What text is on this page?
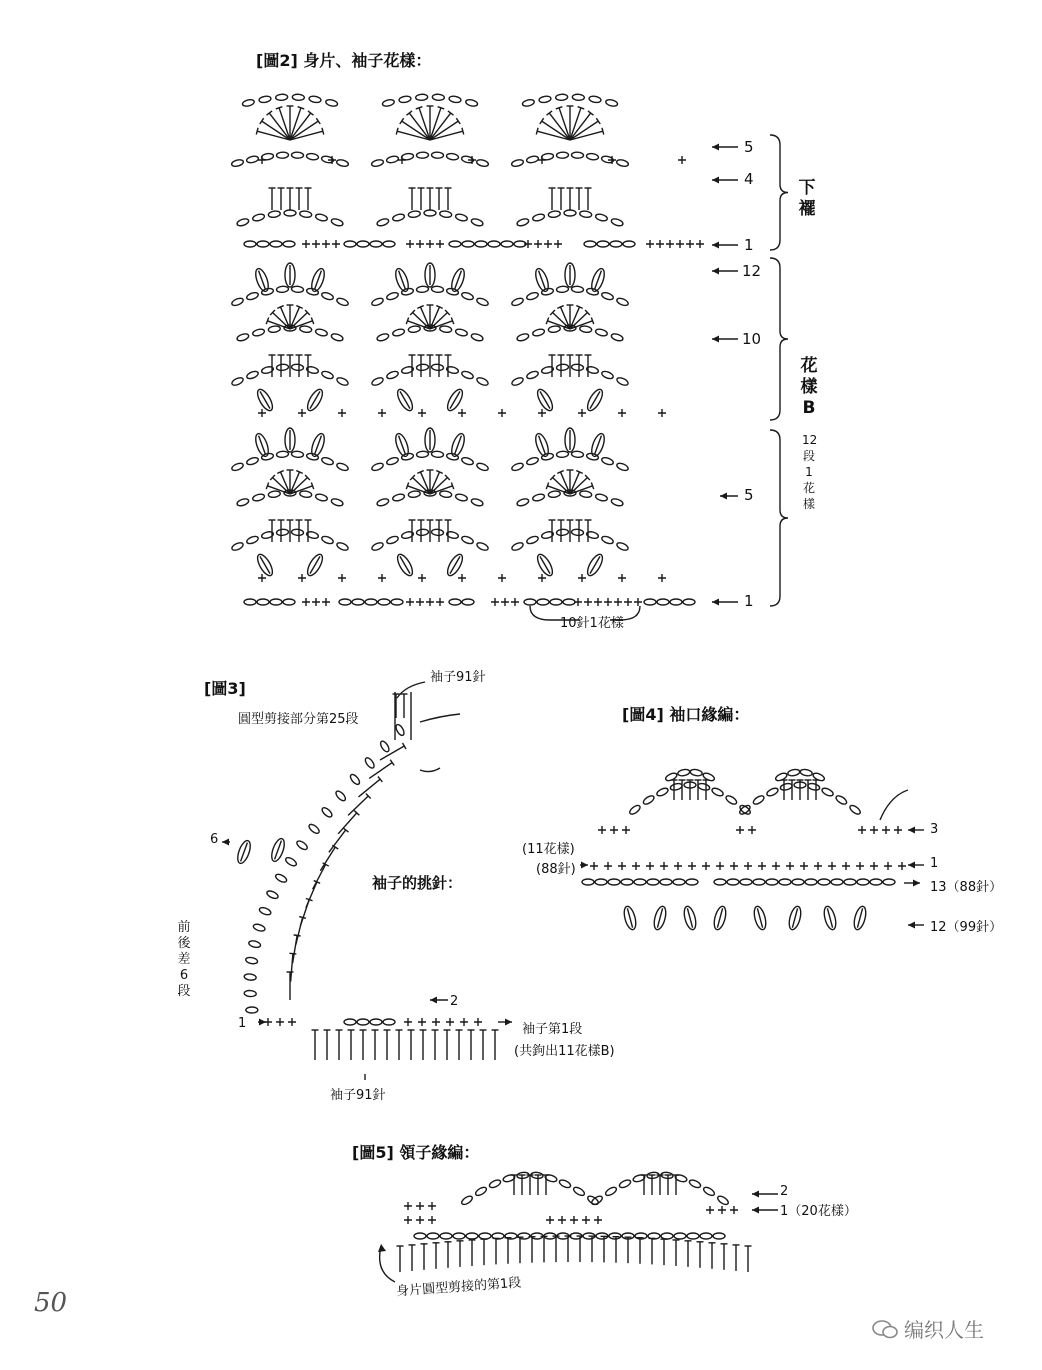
[圖2] 身片、袖子花樣：
5
4
1
12
10
5
1
下襬
花樣B
12段1花樣
10針1花樣
[圖3]
袖子91針
圓型剪接部分第25段
袖子的挑針：
6
2
1
前後差6段
袖子第1段
(共鉤出11花樣B)
袖子91針
[圖4] 袖口緣編：
(11花樣)
(88針)
3
1
13（88針）
12（99針）
[圖5] 領子緣編：
2
1（20花樣）
身片圓型剪接的第1段
50
编织人生
